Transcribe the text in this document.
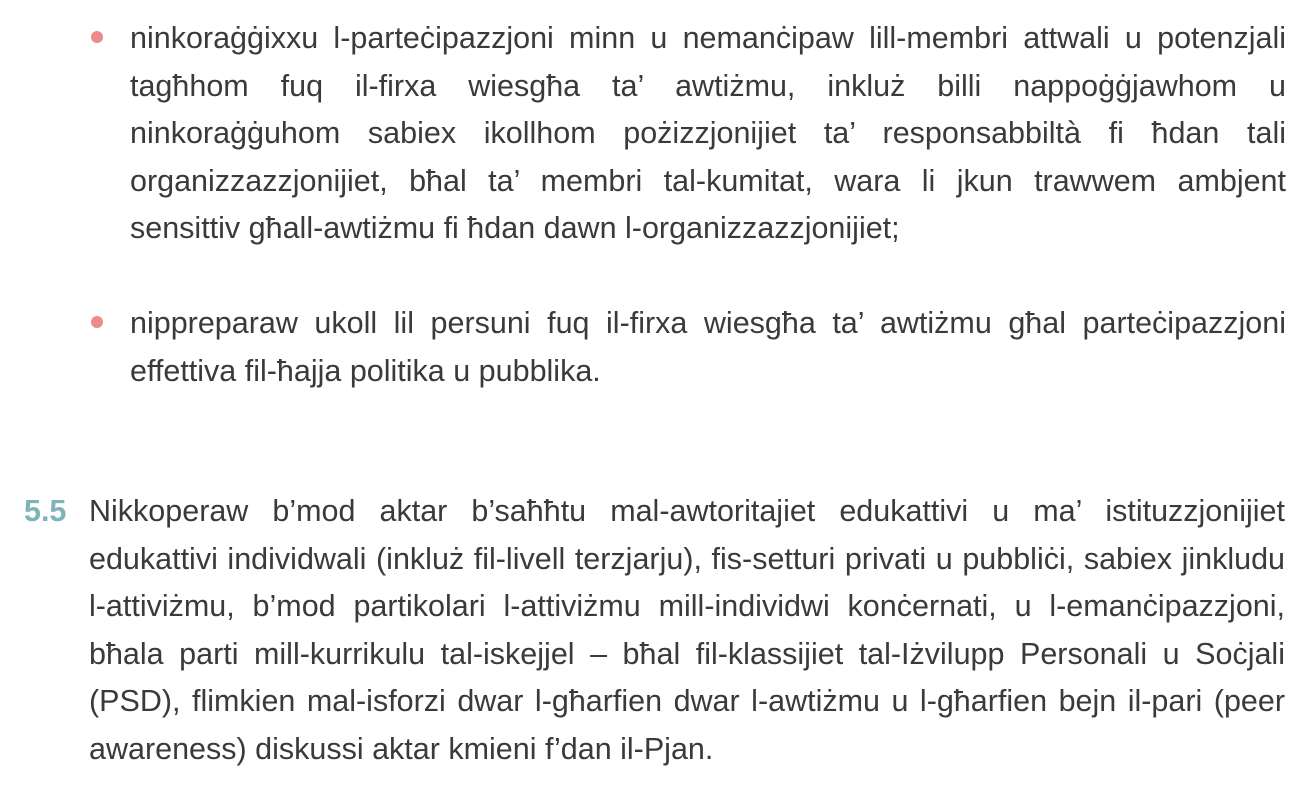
ninkoraġġixxu l-parteċipazzjoni minn u nemanċipaw lill-membri attwali u potenzjali tagħhom fuq il-firxa wiesgħa ta’ awtiżmu, inkluż billi nappoġġjawhom u ninkoraġġuhom sabiex ikollhom pożizzjonijiet ta’ responsabbiltà fi ħdan tali organizzazzjonijiet, bħal ta’ membri tal-kumitat, wara li jkun trawwem ambjent sensittiv għall-awtiżmu fi ħdan dawn l-organizzazzjonijiet;
nippreparaw ukoll lil persuni fuq il-firxa wiesgħa ta’ awtiżmu għal parteċipazzjoni effettiva fil-ħajja politika u pubblika.
5.5 Nikkoperaw b’mod aktar b’saħħtu mal-awtoritajiet edukattivi u ma’ istituzzjonijiet edukattivi individwali (inkluż fil-livell terzjarju), fis-setturi privati u pubbliċi, sabiex jinkludu l-attiviżmu, b’mod partikolari l-attiviżmu mill-individwi konċernati, u l-emanċipazzjoni, bħala parti mill-kurrikulu tal-iskejjel – bħal fil-klassijiet tal-Iżvilupp Personali u Soċjali (PSD), flimkien mal-isforzi dwar l-għarfien dwar l-awtiżmu u l-għarfien bejn il-pari (peer awareness) diskussi aktar kmieni f’dan il-Pjan.
